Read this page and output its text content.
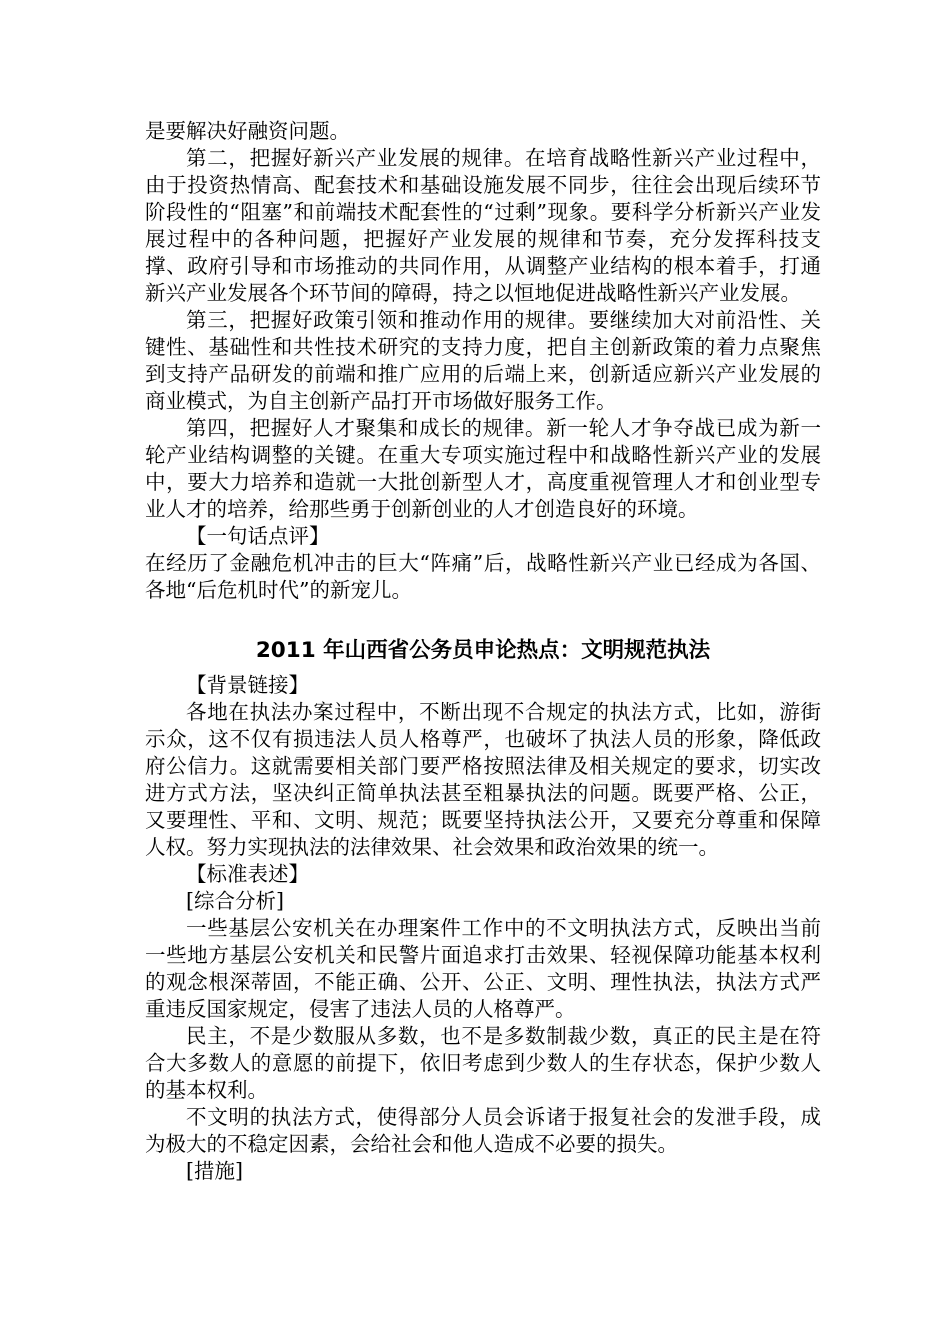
是要解决好融资问题。

第二，把握好新兴产业发展的规律。在培育战略性新兴产业过程中，由于投资热情高、配套技术和基础设施发展不同步，往往会出现后续环节阶段性的“阻塞”和前端技术配套性的“过剩”现象。要科学分析新兴产业发展过程中的各种问题，把握好产业发展的规律和节奏，充分发挥科技支撑、政府引导和市场推动的共同作用，从调整产业结构的根本着手，打通新兴产业发展各个环节间的障碍，持之以恒地促进战略性新兴产业发展。

第三，把握好政策引领和推动作用的规律。要继续加大对前沿性、关键性、基础性和共性技术研究的支持力度，把自主创新政策的着力点聚焦到支持产品研发的前端和推广应用的后端上来，创新适应新兴产业发展的商业模式，为自主创新产品打开市场做好服务工作。

第四，把握好人才聚集和成长的规律。新一轮人才争夺战已成为新一轮产业结构调整的关键。在重大专项实施过程中和战略性新兴产业的发展中，要大力培养和造就一大批创新型人才，高度重视管理人才和创业型专业人才的培养，给那些勇于创新创业的人才创造良好的环境。

【一句话点评】

在经历了金融危机冲击的巨大“阵痛”后，战略性新兴产业已经成为各国、各地“后危机时代”的新宠儿。

2011 年山西省公务员申论热点：文明规范执法

【背景链接】

各地在执法办案过程中，不断出现不合规定的执法方式，比如，游街示众，这不仅有损违法人员人格尊严，也破坏了执法人员的形象，降低政府公信力。这就需要相关部门要严格按照法律及相关规定的要求，切实改进方式方法，坚决纠正简单执法甚至粗暴执法的问题。既要严格、公正，又要理性、平和、文明、规范；既要坚持执法公开，又要充分尊重和保障人权。努力实现执法的法律效果、社会效果和政治效果的统一。

【标准表述】

[综合分析]

一些基层公安机关在办理案件工作中的不文明执法方式，反映出当前一些地方基层公安机关和民警片面追求打击效果、轻视保障功能基本权利的观念根深蒂固，不能正确、公开、公正、文明、理性执法，执法方式严重违反国家规定，侵害了违法人员的人格尊严。

民主，不是少数服从多数，也不是多数制裁少数，真正的民主是在符合大多数人的意愿的前提下，依旧考虑到少数人的生存状态，保护少数人的基本权利。

不文明的执法方式，使得部分人员会诉诸于报复社会的发泄手段，成为极大的不稳定因素，会给社会和他人造成不必要的损失。

[措施]
